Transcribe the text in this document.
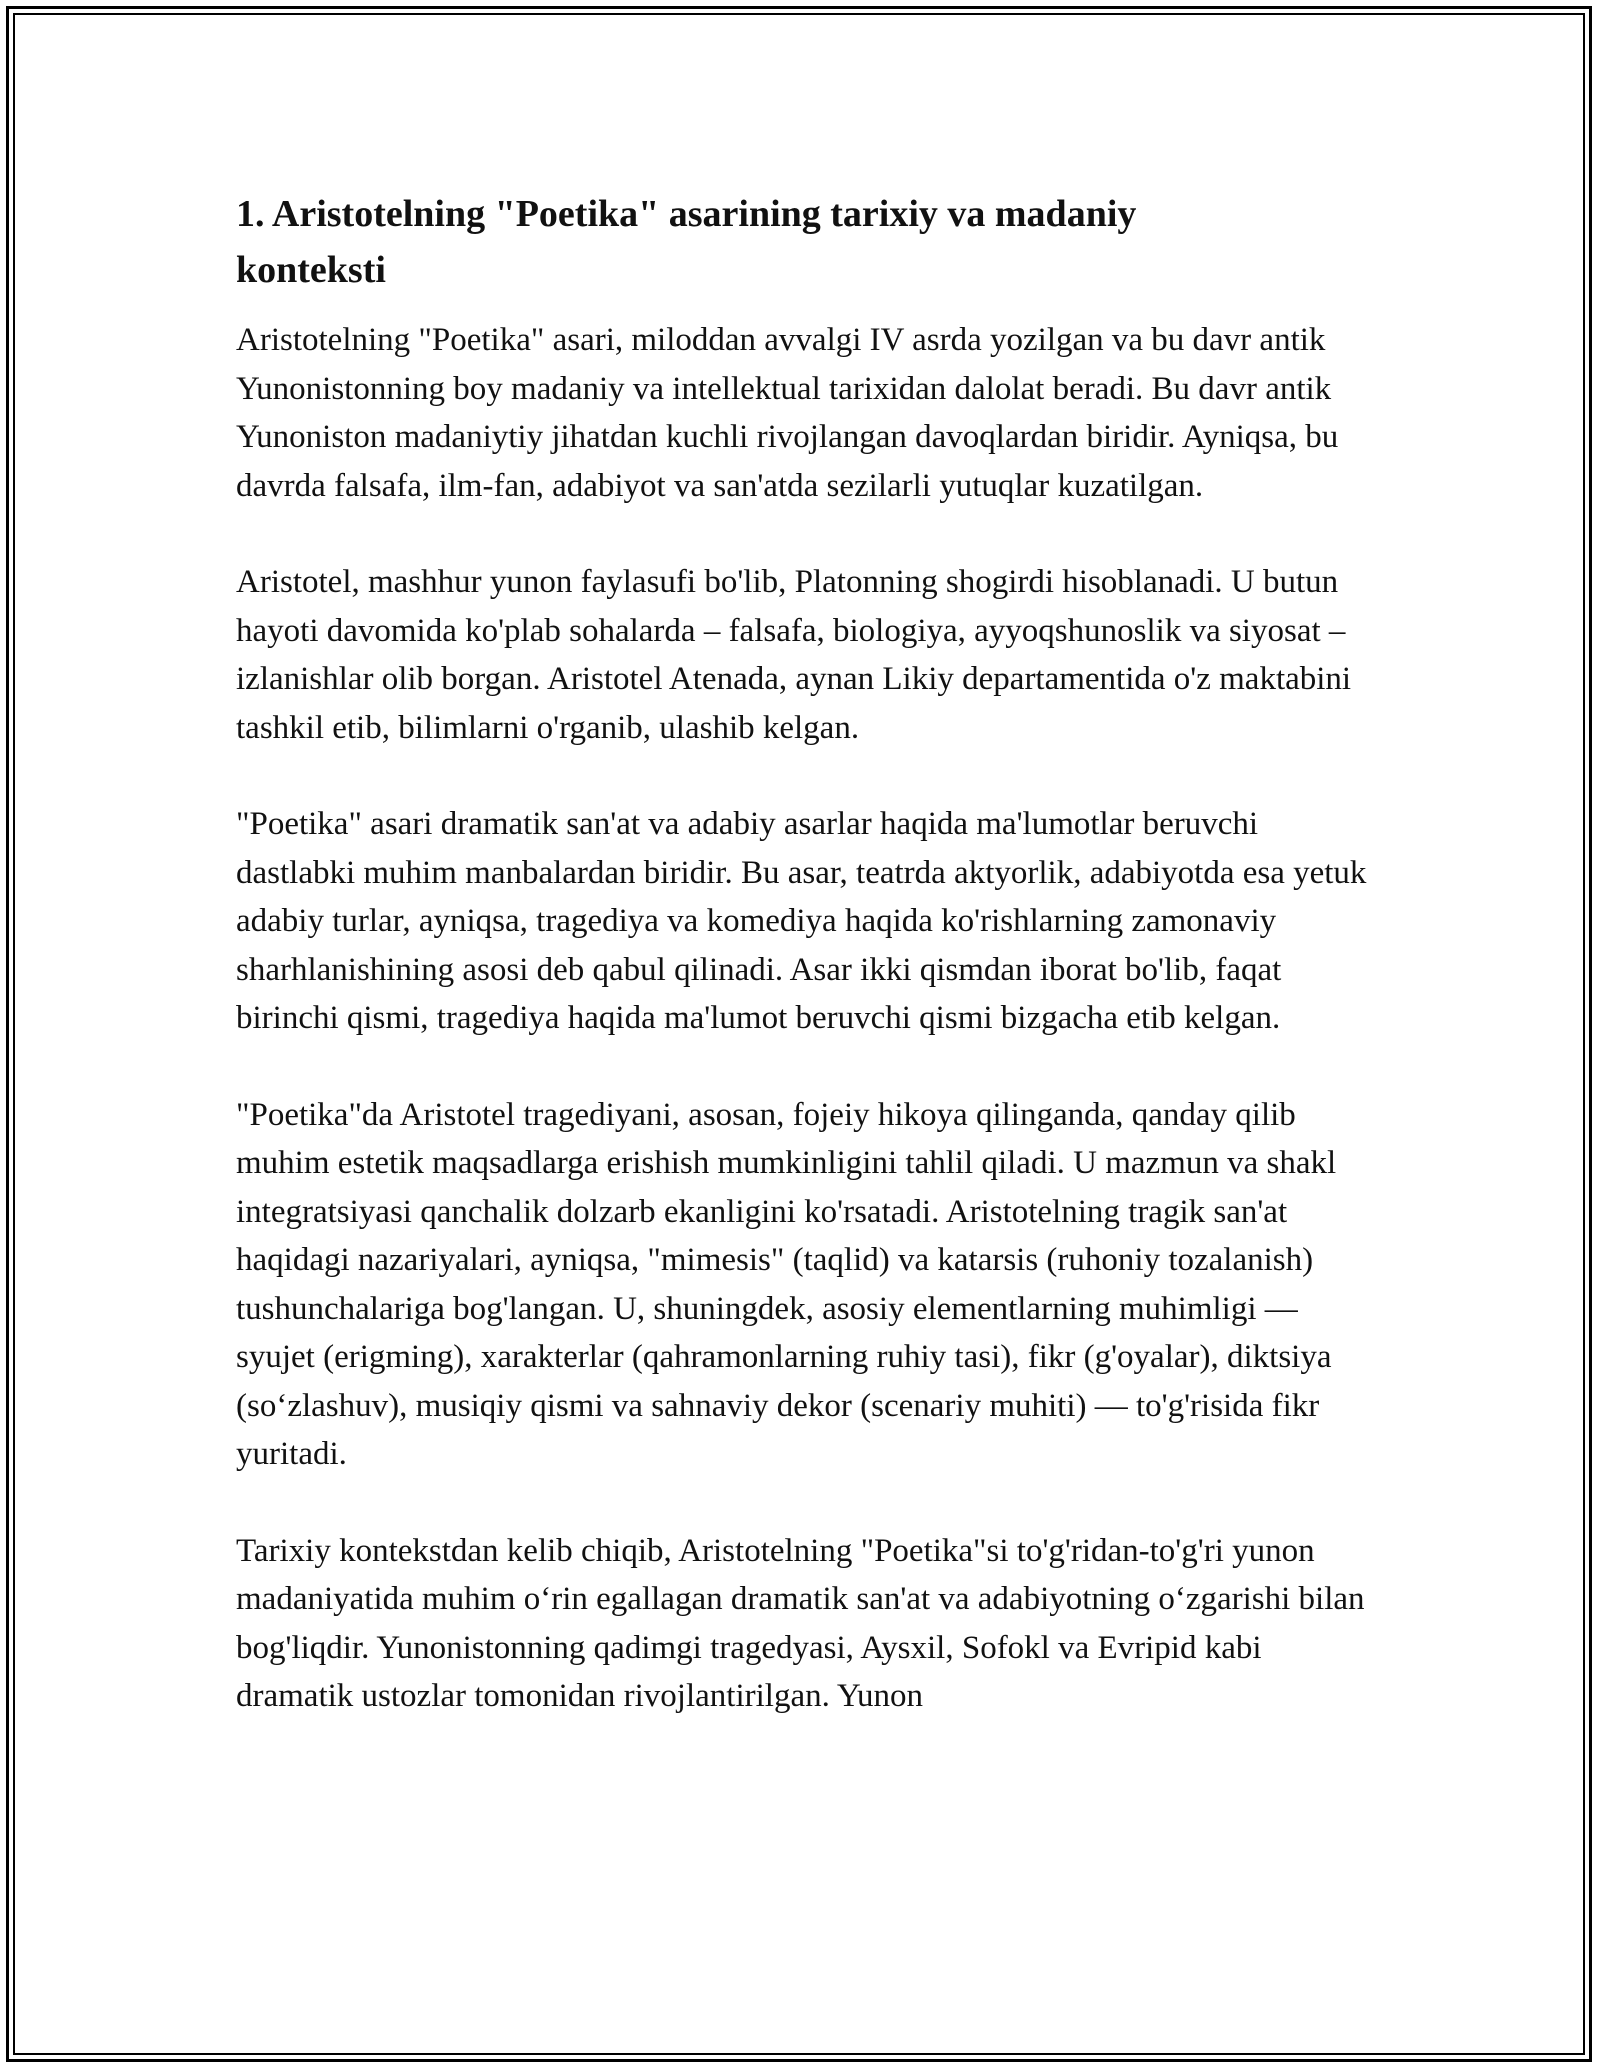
1. Aristotelning "Poetika" asarining tarixiy va madaniy konteksti

Aristotelning "Poetika" asari, miloddan avvalgi IV asrda yozilgan va bu davr antik Yunonistonning boy madaniy va intellektual tarixidan dalolat beradi. Bu davr antik Yunoniston madaniytiy jihatdan kuchli rivojlangan davoqlardan biridir. Ayniqsa, bu davrda falsafa, ilm-fan, adabiyot va san'atda sezilarli yutuqlar kuzatilgan.

Aristotel, mashhur yunon faylasufi bo'lib, Platonning shogirdi hisoblanadi. U butun hayoti davomida ko'plab sohalarda – falsafa, biologiya, ayyoqshunoslik va siyosat – izlanishlar olib borgan. Aristotel Atenada, aynan Likiy departamentida o'z maktabini tashkil etib, bilimlarni o'rganib, ulashib kelgan.

"Poetika" asari dramatik san'at va adabiy asarlar haqida ma'lumotlar beruvchi dastlabki muhim manbalardan biridir. Bu asar, teatrda aktyorlik, adabiyotda esa yetuk adabiy turlar, ayniqsa, tragediya va komediya haqida ko'rishlarning zamonaviy sharhlanishining asosi deb qabul qilinadi. Asar ikki qismdan iborat bo'lib, faqat birinchi qismi, tragediya haqida ma'lumot beruvchi qismi bizgacha etib kelgan.

"Poetika"da Aristotel tragediyani, asosan, fojeiy hikoya qilinganda, qanday qilib muhim estetik maqsadlarga erishish mumkinligini tahlil qiladi. U mazmun va shakl integratsiyasi qanchalik dolzarb ekanligini ko'rsatadi. Aristotelning tragik san'at haqidagi nazariyalari, ayniqsa, "mimesis" (taqlid) va katarsis (ruhoniy tozalanish) tushunchalariga bog'langan. U, shuningdek, asosiy elementlarning muhimligi — syujet (erigming), xarakterlar (qahramonlarning ruhiy tasi), fikr (g'oyalar), diktsiya (so‘zlashuv), musiqiy qismi va sahnaviy dekor (scenariy muhiti) — to'g'risida fikr yuritadi.

Tarixiy kontekstdan kelib chiqib, Aristotelning "Poetika"si to'g'ridan-to'g'ri yunon madaniyatida muhim o‘rin egallagan dramatik san'at va adabiyotning o‘zgarishi bilan bog'liqdir. Yunonistonning qadimgi tragedyasi, Aysxil, Sofokl va Evripid kabi dramatik ustozlar tomonidan rivojlantirilgan. Yunon
